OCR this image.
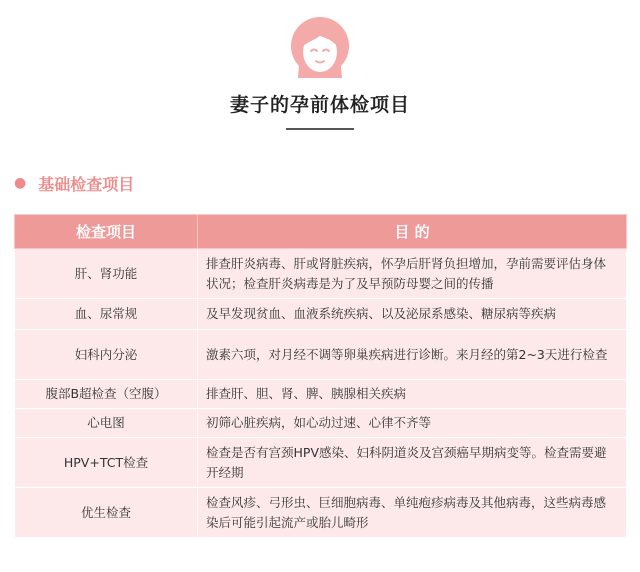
妻子的孕前体检项目
● 基础检查项目
检查项目	目 的
肝、肾功能	排查肝炎病毒、肝或肾脏疾病，怀孕后肝肾负担增加，孕前需要评估身体状况；检查肝炎病毒是为了及早预防母婴之间的传播
血、尿常规	及早发现贫血、血液系统疾病、以及泌尿系感染、糖尿病等疾病
妇科内分泌	激素六项，对月经不调等卵巢疾病进行诊断。来月经的第2~3天进行检查
腹部B超检查（空腹）	排查肝、胆、肾、脾、胰腺相关疾病
心电图	初筛心脏疾病，如心动过速、心律不齐等
HPV+TCT检查	检查是否有宫颈HPV感染、妇科阴道炎及宫颈癌早期病变等。检查需要避开经期
优生检查	检查风疹、弓形虫、巨细胞病毒、单纯疱疹病毒及其他病毒，这些病毒感染后可能引起流产或胎儿畸形
